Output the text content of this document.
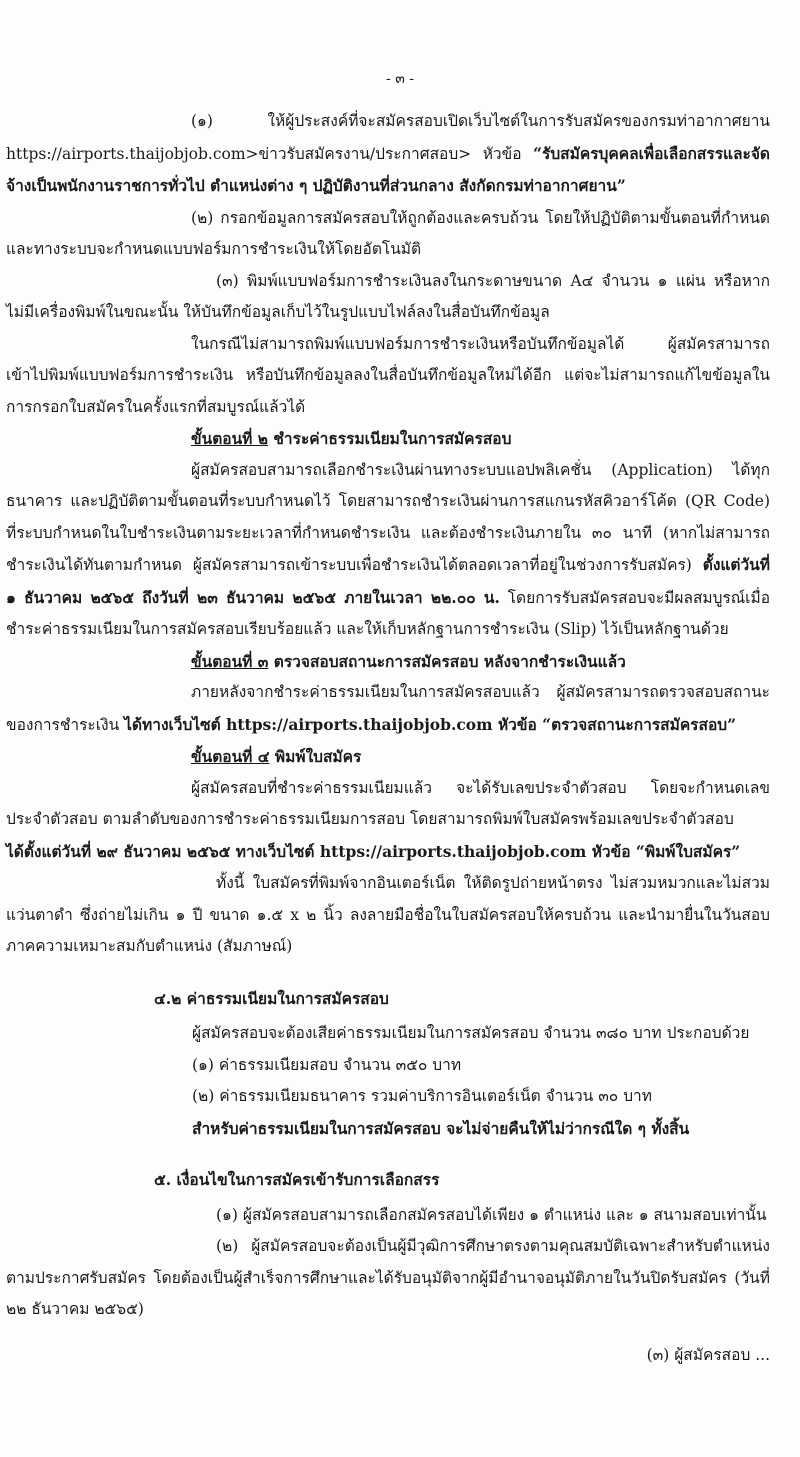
- ๓ -

(๑) ให้ผู้ประสงค์ที่จะสมัครสอบเปิดเว็บไซต์ในการรับสมัครของกรมท่าอากาศยาน https://airports.thaijobjob.com>ข่าวรับสมัครงาน/ประกาศสอบ> หัวข้อ “รับสมัครบุคคลเพื่อเลือกสรรและจัดจ้างเป็นพนักงานราชการทั่วไป ตำแหน่งต่าง ๆ ปฏิบัติงานที่ส่วนกลาง สังกัดกรมท่าอากาศยาน”

(๒) กรอกข้อมูลการสมัครสอบให้ถูกต้องและครบถ้วน โดยให้ปฏิบัติตามขั้นตอนที่กำหนด และทางระบบจะกำหนดแบบฟอร์มการชำระเงินให้โดยอัตโนมัติ

(๓) พิมพ์แบบฟอร์มการชำระเงินลงในกระดาษขนาด A๔ จำนวน ๑ แผ่น หรือหากไม่มีเครื่องพิมพ์ในขณะนั้น ให้บันทึกข้อมูลเก็บไว้ในรูปแบบไฟล์ลงในสื่อบันทึกข้อมูล

ในกรณีไม่สามารถพิมพ์แบบฟอร์มการชำระเงินหรือบันทึกข้อมูลได้ ผู้สมัครสามารถเข้าไปพิมพ์แบบฟอร์มการชำระเงิน หรือบันทึกข้อมูลลงในสื่อบันทึกข้อมูลใหม่ได้อีก แต่จะไม่สามารถแก้ไขข้อมูลในการกรอกใบสมัครในครั้งแรกที่สมบูรณ์แล้วได้

ขั้นตอนที่ ๒ ชำระค่าธรรมเนียมในการสมัครสอบ

ผู้สมัครสอบสามารถเลือกชำระเงินผ่านทางระบบแอปพลิเคชั่น (Application) ได้ทุกธนาคาร และปฏิบัติตามขั้นตอนที่ระบบกำหนดไว้ โดยสามารถชำระเงินผ่านการสแกนรหัสคิวอาร์โค้ด (QR Code) ที่ระบบกำหนดในใบชำระเงินตามระยะเวลาที่กำหนดชำระเงิน และต้องชำระเงินภายใน ๓๐ นาที (หากไม่สามารถชำระเงินได้ทันตามกำหนด ผู้สมัครสามารถเข้าระบบเพื่อชำระเงินได้ตลอดเวลาที่อยู่ในช่วงการรับสมัคร) ตั้งแต่วันที่ ๑ ธันวาคม ๒๕๖๕ ถึงวันที่ ๒๓ ธันวาคม ๒๕๖๕ ภายในเวลา ๒๒.๐๐ น. โดยการรับสมัครสอบจะมีผลสมบูรณ์เมื่อชำระค่าธรรมเนียมในการสมัครสอบเรียบร้อยแล้ว และให้เก็บหลักฐานการชำระเงิน (Slip) ไว้เป็นหลักฐานด้วย

ขั้นตอนที่ ๓ ตรวจสอบสถานะการสมัครสอบ หลังจากชำระเงินแล้ว

ภายหลังจากชำระค่าธรรมเนียมในการสมัครสอบแล้ว ผู้สมัครสามารถตรวจสอบสถานะของการชำระเงิน ได้ทางเว็บไซต์ https://airports.thaijobjob.com หัวข้อ “ตรวจสถานะการสมัครสอบ”

ขั้นตอนที่ ๔ พิมพ์ใบสมัคร

ผู้สมัครสอบที่ชำระค่าธรรมเนียมแล้ว จะได้รับเลขประจำตัวสอบ โดยจะกำหนดเลขประจำตัวสอบ ตามลำดับของการชำระค่าธรรมเนียมการสอบ โดยสามารถพิมพ์ใบสมัครพร้อมเลขประจำตัวสอบ
ได้ตั้งแต่วันที่ ๒๙ ธันวาคม ๒๕๖๕ ทางเว็บไซต์ https://airports.thaijobjob.com หัวข้อ “พิมพ์ใบสมัคร”

ทั้งนี้ ใบสมัครที่พิมพ์จากอินเตอร์เน็ต ให้ติดรูปถ่ายหน้าตรง ไม่สวมหมวกและไม่สวมแว่นตาดำ ซึ่งถ่ายไม่เกิน ๑ ปี ขนาด ๑.๕ x ๒ นิ้ว ลงลายมือชื่อในใบสมัครสอบให้ครบถ้วน และนำมายื่นในวันสอบภาคความเหมาะสมกับตำแหน่ง (สัมภาษณ์)

๔.๒ ค่าธรรมเนียมในการสมัครสอบ

ผู้สมัครสอบจะต้องเสียค่าธรรมเนียมในการสมัครสอบ จำนวน ๓๘๐ บาท ประกอบด้วย

(๑) ค่าธรรมเนียมสอบ จำนวน ๓๕๐ บาท

(๒) ค่าธรรมเนียมธนาคาร รวมค่าบริการอินเตอร์เน็ต จำนวน ๓๐ บาท

สำหรับค่าธรรมเนียมในการสมัครสอบ จะไม่จ่ายคืนให้ไม่ว่ากรณีใด ๆ ทั้งสิ้น

๕. เงื่อนไขในการสมัครเข้ารับการเลือกสรร

(๑) ผู้สมัครสอบสามารถเลือกสมัครสอบได้เพียง ๑ ตำแหน่ง และ ๑ สนามสอบเท่านั้น

(๒) ผู้สมัครสอบจะต้องเป็นผู้มีวุฒิการศึกษาตรงตามคุณสมบัติเฉพาะสำหรับตำแหน่งตามประกาศรับสมัคร โดยต้องเป็นผู้สำเร็จการศึกษาและได้รับอนุมัติจากผู้มีอำนาจอนุมัติภายในวันปิดรับสมัคร (วันที่ ๒๒ ธันวาคม ๒๕๖๕)

(๓) ผู้สมัครสอบ ...
